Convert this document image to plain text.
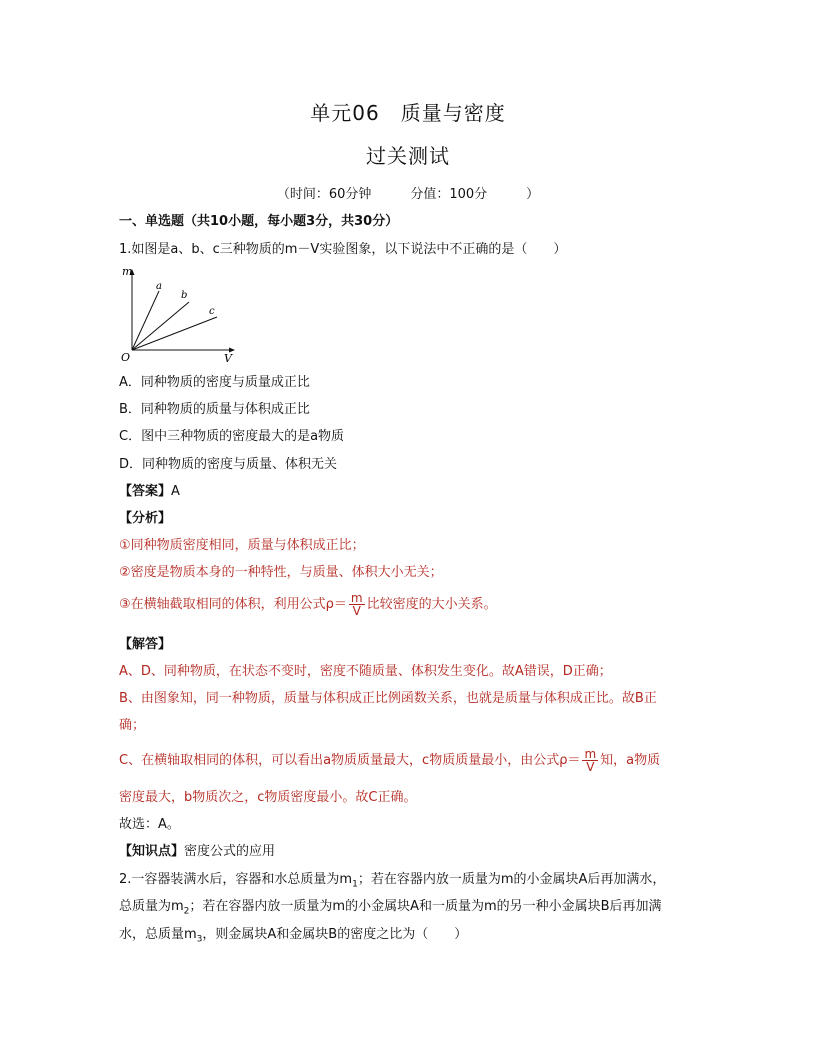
单元06　质量与密度
过关测试
（时间：60分钟　　　分值：100分　　　）
一、单选题（共10小题，每小题3分，共30分）
1.如图是a、b、c三种物质的m－V实验图象，以下说法中不正确的是（　　）
m
V
O
a
b
c
A．同种物质的密度与质量成正比
B．同种物质的质量与体积成正比
C．图中三种物质的密度最大的是a物质
D．同种物质的密度与质量、体积无关
【答案】A
【分析】
①同种物质密度相同，质量与体积成正比；
②密度是物质本身的一种特性，与质量、体积大小无关；
③在横轴截取相同的体积，利用公式$\rho= \frac{m}{V}$ 比较密度的大小关系。
【解答】
A、D、同种物质，在状态不变时，密度不随质量、体积发生变化。故A错误，D正确；
B、由图象知，同一种物质，质量与体积成正比例函数关系，也就是质量与体积成正比。故B正
确；
C、在横轴取相同的体积，可以看出a物质质量最大，c物质质量最小，由公式$\rho= \frac{m}{V}$ 知，a物质
密度最大，b物质次之，c物质密度最小。故C正确。
故选：A。
【知识点】密度公式的应用
2.一容器装满水后，容器和水总质量为$m_1$；若在容器内放一质量为m的小金属块A后再加满水，
总质量为$m_2$；若在容器内放一质量为m的小金属块A和一质量为m的另一种小金属块B后再加满
水，总质量$m_3$，则金属块A和金属块B的密度之比为（　　）
